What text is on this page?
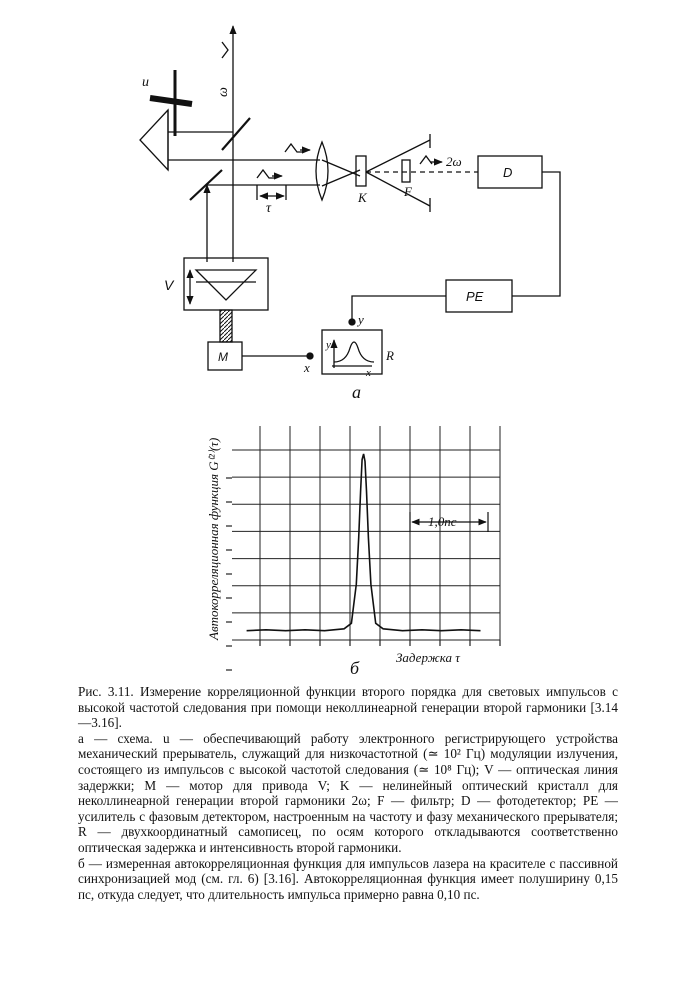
ω
u
τ
K	F
2ω
D
PE
y
V
M
x
y
x
R
а
1,0пс
Автокорреляционная функция G⁽²⁾(τ)
Задержка τ
б

Рис. 3.11. Измерение корреляционной функции второго порядка для световых импульсов с высокой частотой следования при помощи неколлинеарной генерации второй гармоники [3.14—3.16].

а — схема. u — обеспечивающий работу электронного регистрирующего устройства механический прерыватель, служащий для низкочастотной (≃ 10² Гц) модуляции излучения, состоящего из импульсов с высокой частотой следования (≃ 10⁸ Гц); V — оптическая линия задержки; M — мотор для привода V; K — нелинейный оптический кристалл для неколлинеарной генерации второй гармоники 2ω; F — фильтр; D — фотодетектор; PE — усилитель с фазовым детектором, настроенным на частоту и фазу механического прерывателя; R — двухкоординатный самописец, по осям которого откладываются соответственно оптическая задержка и интенсивность второй гармоники.

б — измеренная автокорреляционная функция для импульсов лазера на красителе с пассивной синхронизацией мод (см. гл. 6) [3.16]. Автокорреляционная функция имеет полуширину 0,15 пс, откуда следует, что длительность импульса примерно равна 0,10 пс.
